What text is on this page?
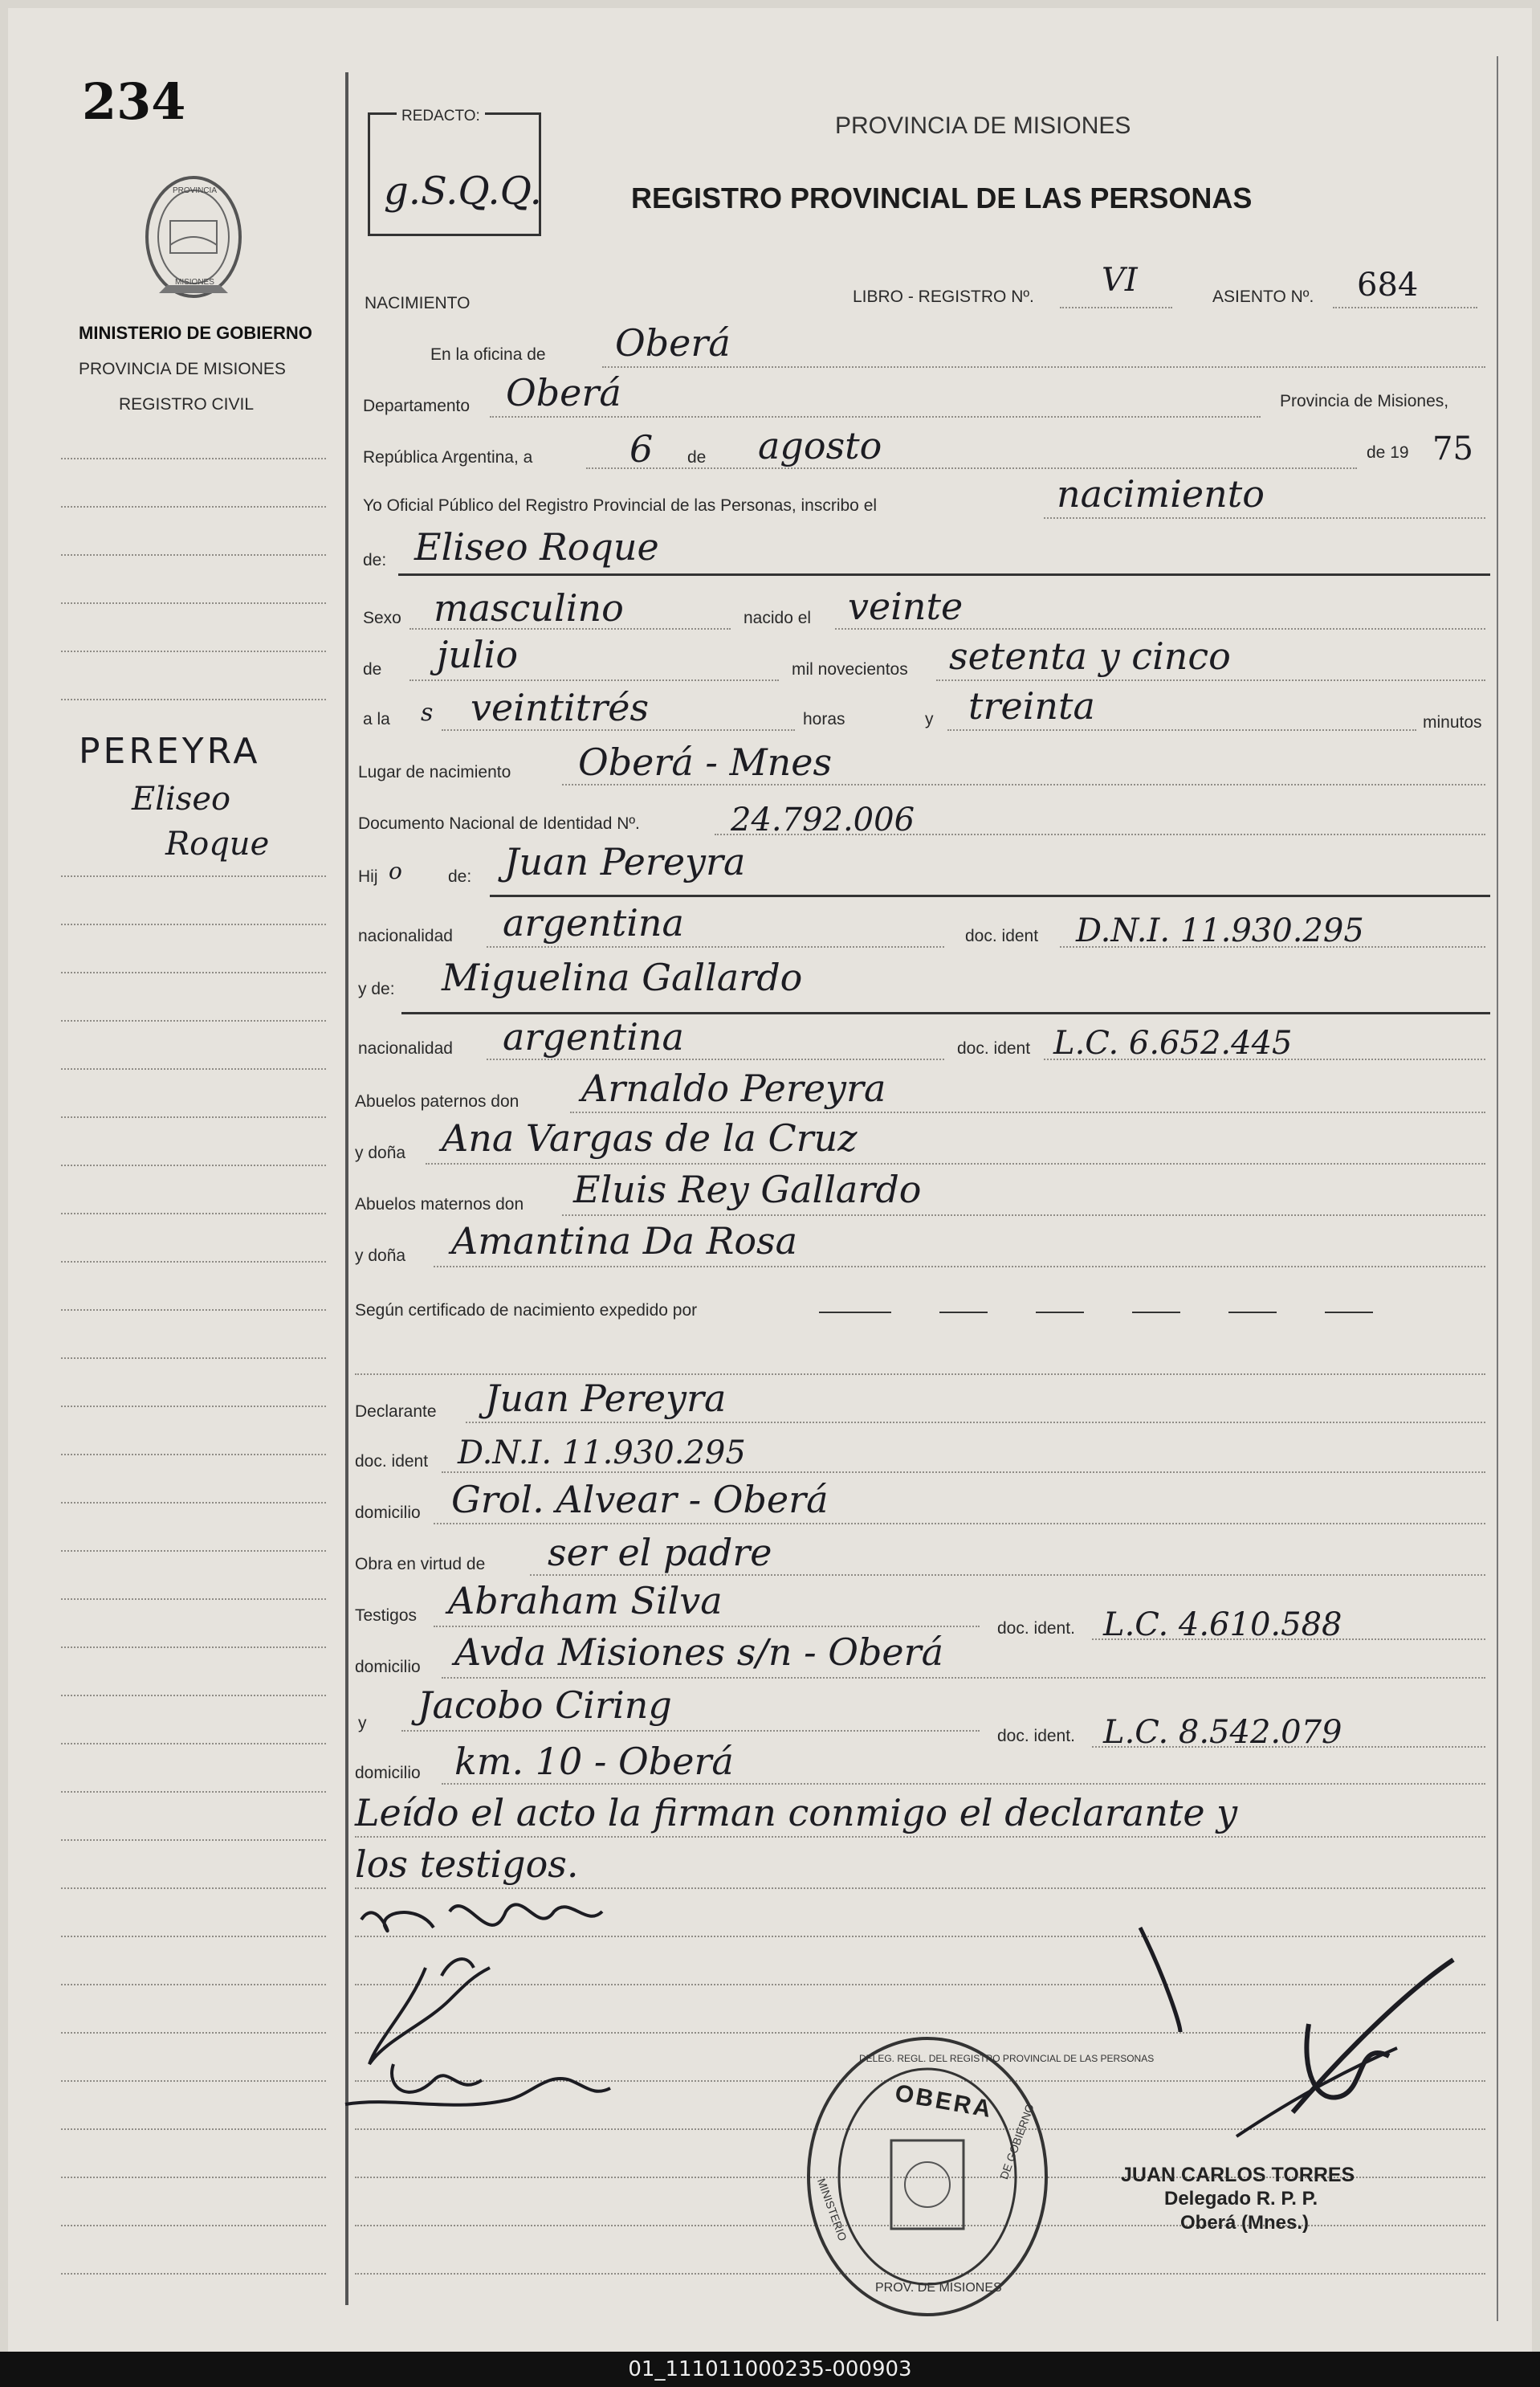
234
PROVINCIA
MISIONES
MINISTERIO DE GOBIERNO
PROVINCIA DE MISIONES
REGISTRO CIVIL
PEREYRA
Eliseo
Roque
REDACTO:
g.S.Q.Q.
PROVINCIA DE MISIONES
REGISTRO PROVINCIAL DE LAS PERSONAS
NACIMIENTO	LIBRO - REGISTRO Nº. VI	ASIENTO Nº. 684
En la oficina de Oberá
Departamento Oberá	Provincia de Misiones,
República Argentina, a	6 de agosto	de 19 75
Yo Oficial Público del Registro Provincial de las Personas, inscribo el	nacimiento
de: Eliseo Roque
Sexo masculino	nacido el veinte
de julio	mil novecientos setenta y cinco
a la s veintitrés	horas	y treinta	minutos
Lugar de nacimiento Oberá - Mnes
Documento Nacional de Identidad Nº.	24.792.006
Hij o	de: Juan Pereyra
nacionalidad argentina	doc. ident D.N.I. 11.930.295
y de: Miguelina Gallardo
nacionalidad argentina	doc. ident L.C. 6.652.445
Abuelos paternos don Arnaldo Pereyra
y doña Ana Vargas de la Cruz
Abuelos maternos don Eluis Rey Gallardo
y doña Amantina Da Rosa
Según certificado de nacimiento expedido por
Declarante Juan Pereyra
doc. ident D.N.I. 11.930.295
domicilio Grol. Alvear - Oberá
Obra en virtud de ser el padre
Testigos Abraham Silva
doc. ident. L.C. 4.610.588
domicilio Avda Misiones s/n - Oberá
y Jacobo Ciring
doc. ident. L.C. 8.542.079
domicilio km. 10 - Oberá
Leído el acto la firman conmigo el declarante y
los testigos.
OBERA
DELEG. REGL. DEL REGISTRO PROVINCIAL DE LAS PERSONAS
MINISTERIO
DE GOBIERNO
PROV. DE MISIONES
JUAN CARLOS TORRES
Delegado R. P. P.
Oberá (Mnes.)
01_111011000235-000903
